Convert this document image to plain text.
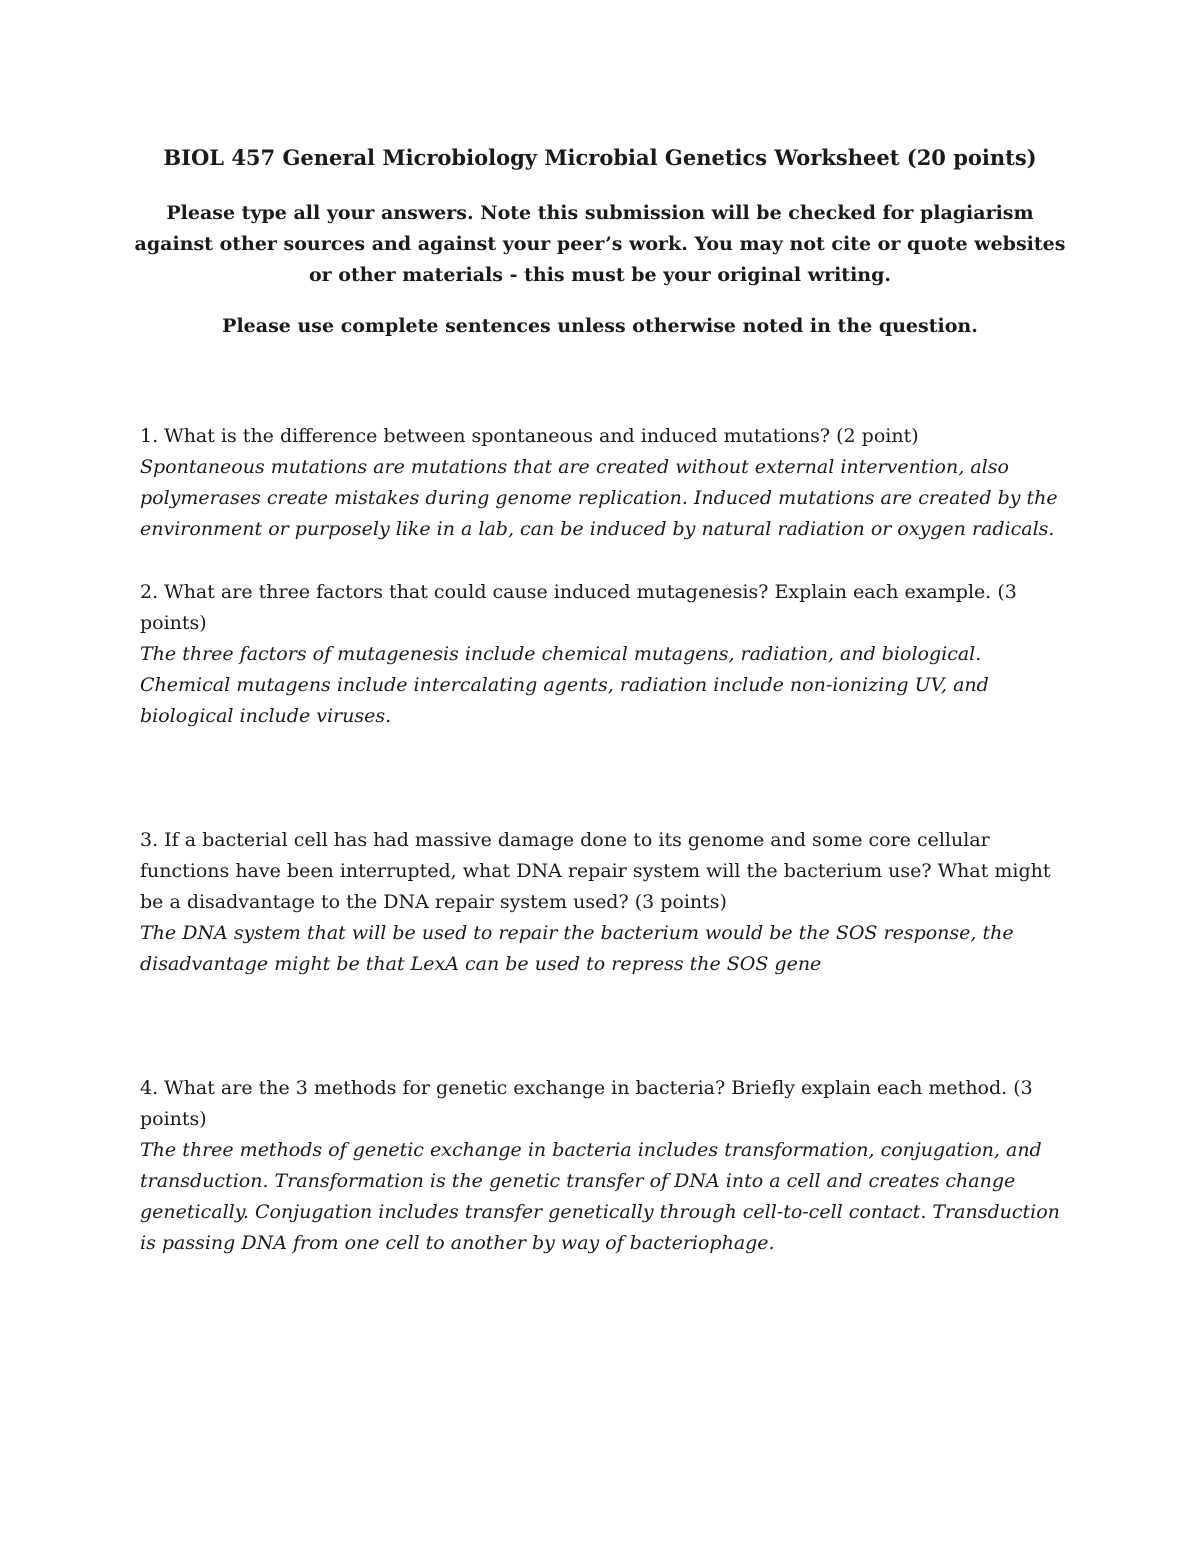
BIOL 457 General Microbiology Microbial Genetics Worksheet (20 points)
Please type all your answers. Note this submission will be checked for plagiarism against other sources and against your peer’s work. You may not cite or quote websites or other materials - this must be your original writing.
Please use complete sentences unless otherwise noted in the question.

1. What is the difference between spontaneous and induced mutations? (2 point)

Spontaneous mutations are mutations that are created without external intervention, also polymerases create mistakes during genome replication. Induced mutations are created by the environment or purposely like in a lab, can be induced by natural radiation or oxygen radicals.

2. What are three factors that could cause induced mutagenesis? Explain each example. (3 points)

The three factors of mutagenesis include chemical mutagens, radiation, and biological. Chemical mutagens include intercalating agents, radiation include non-ionizing UV, and biological include viruses.

3. If a bacterial cell has had massive damage done to its genome and some core cellular functions have been interrupted, what DNA repair system will the bacterium use? What might be a disadvantage to the DNA repair system used? (3 points)

The DNA system that will be used to repair the bacterium would be the SOS response, the disadvantage might be that LexA can be used to repress the SOS gene

4. What are the 3 methods for genetic exchange in bacteria? Briefly explain each method. (3 points)

The three methods of genetic exchange in bacteria includes transformation, conjugation, and transduction. Transformation is the genetic transfer of DNA into a cell and creates change genetically. Conjugation includes transfer genetically through cell-to-cell contact. Transduction is passing DNA from one cell to another by way of bacteriophage.
